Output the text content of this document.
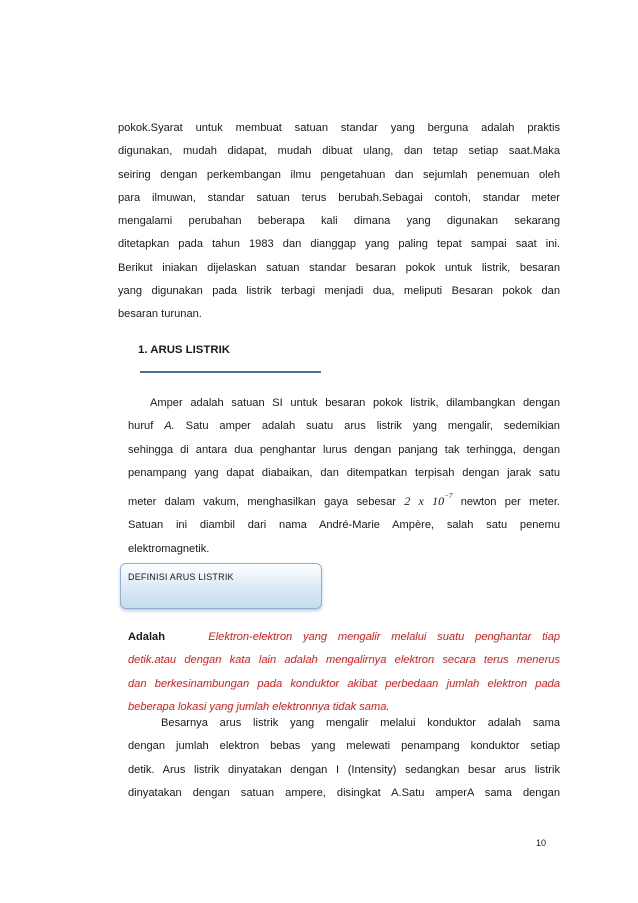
pokok.Syarat untuk membuat satuan standar yang berguna adalah praktis
digunakan, mudah didapat, mudah dibuat ulang, dan tetap setiap saat.Maka
seiring dengan perkembangan ilmu pengetahuan dan sejumlah penemuan oleh
para ilmuwan, standar satuan terus berubah.Sebagai contoh, standar meter
mengalami perubahan beberapa kali dimana yang digunakan sekarang
ditetapkan pada tahun 1983 dan dianggap yang paling tepat sampai saat ini.
Berikut iniakan dijelaskan satuan standar besaran pokok untuk listrik, besaran
yang digunakan pada listrik terbagi menjadi dua, meliputi Besaran pokok dan
besaran turunan.
1. ARUS LISTRIK
Amper adalah satuan SI untuk besaran pokok listrik, dilambangkan dengan
huruf A. Satu amper adalah suatu arus listrik yang mengalir, sedemikian
sehingga di antara dua penghantar lurus dengan panjang tak terhingga, dengan
penampang yang dapat diabaikan, dan ditempatkan terpisah dengan jarak satu
meter dalam vakum, menghasilkan gaya sebesar 2 x $10^{-7}$ newton per meter.
Satuan ini diambil dari nama André-Marie Ampère, salah satu penemu
elektromagnetik.
DEFINISI ARUS LISTRIK
Adalah	Elektron-elektron yang mengalir melalui suatu penghantar tiap
detik.atau dengan kata lain adalah mengalirnya elektron secara terus menerus
dan berkesinambungan pada konduktor akibat perbedaan jumlah elektron pada
beberapa lokasi yang jumlah elektronnya tidak sama.
Besarnya arus listrik yang mengalir melalui konduktor adalah sama
dengan jumlah elektron bebas yang melewati penampang konduktor setiap
detik. Arus listrik dinyatakan dengan I (Intensity) sedangkan besar arus listrik
dinyatakan dengan satuan ampere, disingkat A.Satu amperA sama dengan
10
